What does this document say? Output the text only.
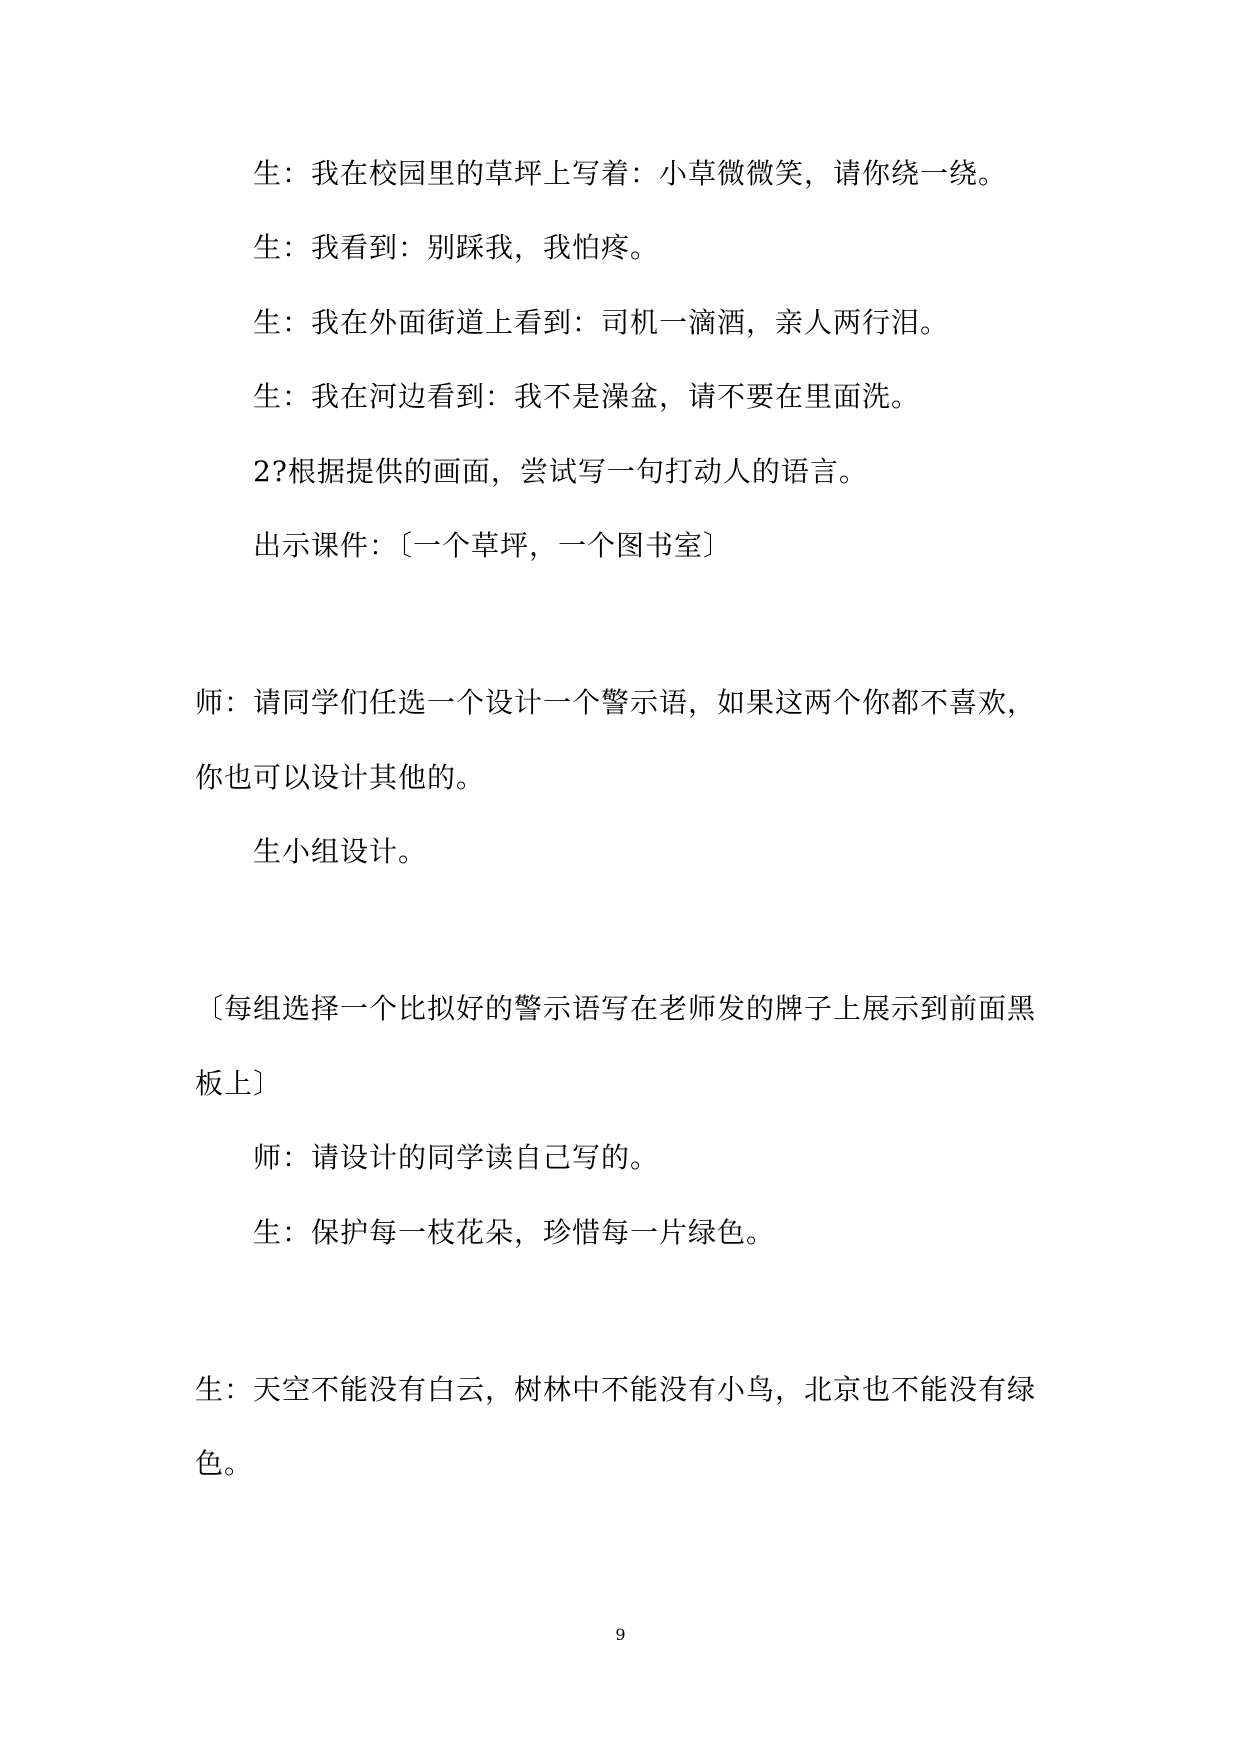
生：我在校园里的草坪上写着：小草微微笑，请你绕一绕。
生：我看到：别踩我，我怕疼。
生：我在外面街道上看到：司机一滴酒，亲人两行泪。
生：我在河边看到：我不是澡盆，请不要在里面洗。
2?根据提供的画面，尝试写一句打动人的语言。
出示课件：〔一个草坪，一个图书室〕
师：请同学们任选一个设计一个警示语，如果这两个你都不喜欢，
你也可以设计其他的。
生小组设计。
〔每组选择一个比拟好的警示语写在老师发的牌子上展示到前面黑
板上〕
师：请设计的同学读自己写的。
生：保护每一枝花朵，珍惜每一片绿色。
生：天空不能没有白云，树林中不能没有小鸟，北京也不能没有绿
色。
9
